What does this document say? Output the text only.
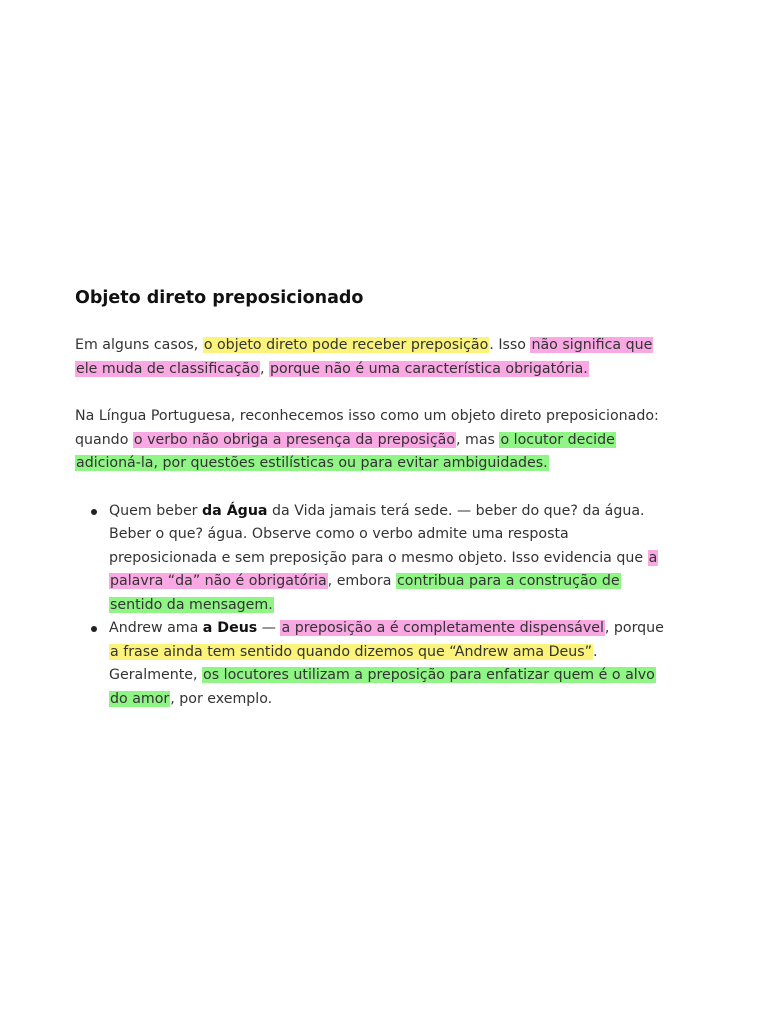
Objeto direto preposicionado

Em alguns casos, o objeto direto pode receber preposição. Isso não significa que ele muda de classificação, porque não é uma característica obrigatória.

Na Língua Portuguesa, reconhecemos isso como um objeto direto preposicionado: quando o verbo não obriga a presença da preposição, mas o locutor decide adicioná-la, por questões estilísticas ou para evitar ambiguidades.

Quem beber da Água da Vida jamais terá sede. — beber do que? da água. Beber o que? água. Observe como o verbo admite uma resposta preposicionada e sem preposição para o mesmo objeto. Isso evidencia que a palavra “da” não é obrigatória, embora contribua para a construção de sentido da mensagem.
Andrew ama a Deus — a preposição a é completamente dispensável, porque a frase ainda tem sentido quando dizemos que “Andrew ama Deus”. Geralmente, os locutores utilizam a preposição para enfatizar quem é o alvo do amor, por exemplo.
